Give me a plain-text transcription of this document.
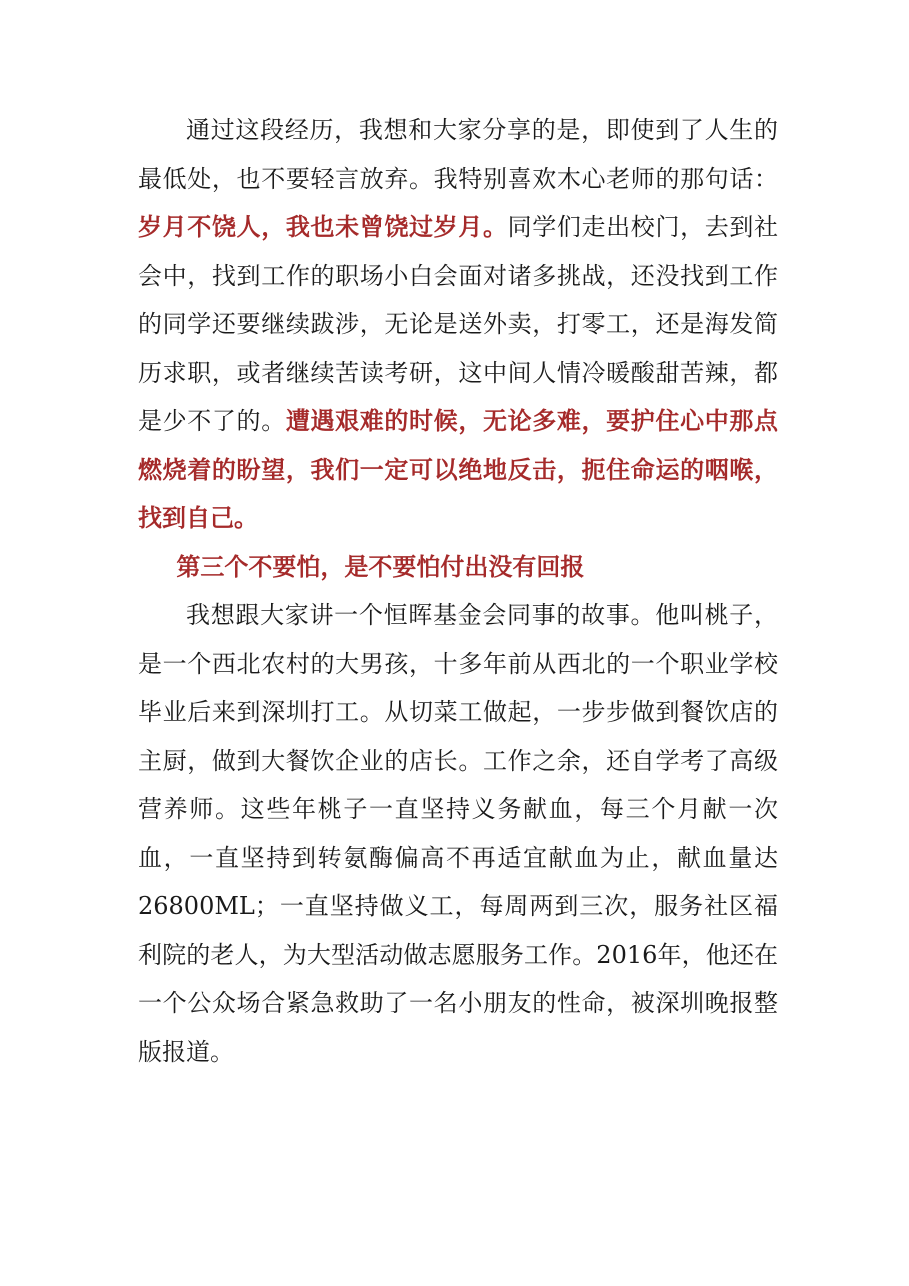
通过这段经历，我想和大家分享的是，即使到了人生的最低处，也不要轻言放弃。我特别喜欢木心老师的那句话：岁月不饶人，我也未曾饶过岁月。同学们走出校门，去到社会中，找到工作的职场小白会面对诸多挑战，还没找到工作的同学还要继续跋涉，无论是送外卖，打零工，还是海发简历求职，或者继续苦读考研，这中间人情冷暖酸甜苦辣，都是少不了的。遭遇艰难的时候，无论多难，要护住心中那点燃烧着的盼望，我们一定可以绝地反击，扼住命运的咽喉，找到自己。

第三个不要怕，是不要怕付出没有回报

我想跟大家讲一个恒晖基金会同事的故事。他叫桃子，是一个西北农村的大男孩，十多年前从西北的一个职业学校毕业后来到深圳打工。从切菜工做起，一步步做到餐饮店的主厨，做到大餐饮企业的店长。工作之余，还自学考了高级营养师。这些年桃子一直坚持义务献血，每三个月献一次血，一直坚持到转氨酶偏高不再适宜献血为止，献血量达26800ML；一直坚持做义工，每周两到三次，服务社区福利院的老人，为大型活动做志愿服务工作。2016年，他还在一个公众场合紧急救助了一名小朋友的性命，被深圳晚报整版报道。
